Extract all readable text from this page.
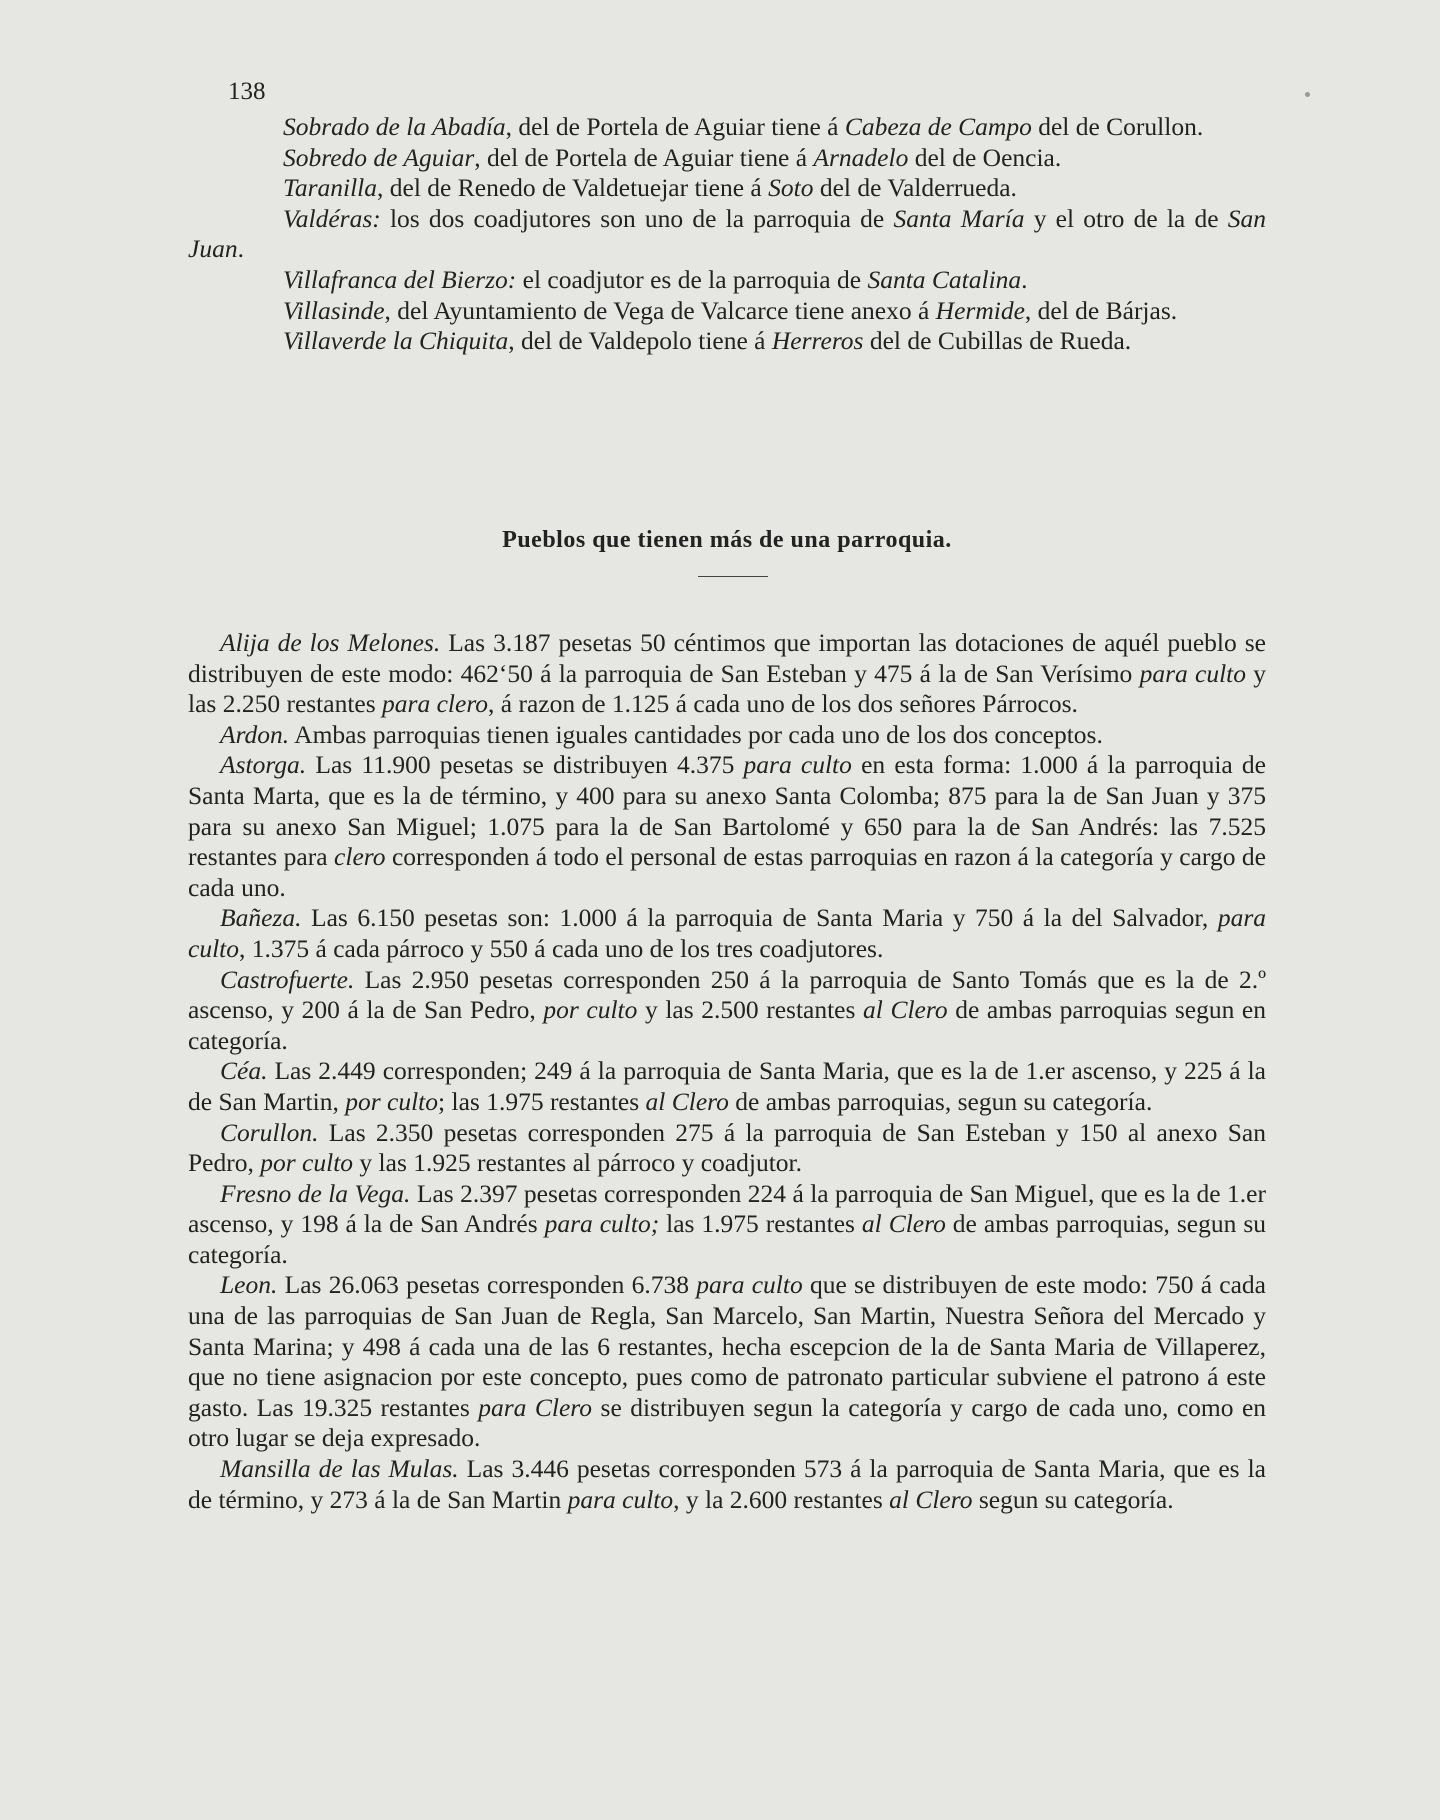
138

Sobrado de la Abadía, del de Portela de Aguiar tiene á Cabeza de Campo del de Corullon.

Sobredo de Aguiar, del de Portela de Aguiar tiene á Arnadelo del de Oencia.

Taranilla, del de Renedo de Valdetuejar tiene á Soto del de Valderrueda.

Valdéras: los dos coadjutores son uno de la parroquia de Santa María y el otro de la de San Juan.

Villafranca del Bierzo: el coadjutor es de la parroquia de Santa Catalina.

Villasinde, del Ayuntamiento de Vega de Valcarce tiene anexo á Hermide, del de Bárjas.

Villaverde la Chiquita, del de Valdepolo tiene á Herreros del de Cubillas de Rueda.

Pueblos que tienen más de una parroquia.

Alija de los Melones. Las 3.187 pesetas 50 céntimos que importan las dotaciones de aquél pueblo se distribuyen de este modo: 462‘50 á la parroquia de San Esteban y 475 á la de San Verísimo para culto y las 2.250 restantes para clero, á razon de 1.125 á cada uno de los dos señores Párrocos.

Ardon. Ambas parroquias tienen iguales cantidades por cada uno de los dos conceptos.

Astorga. Las 11.900 pesetas se distribuyen 4.375 para culto en esta forma: 1.000 á la parroquia de Santa Marta, que es la de término, y 400 para su anexo Santa Colomba; 875 para la de San Juan y 375 para su anexo San Miguel; 1.075 para la de San Bartolomé y 650 para la de San Andrés: las 7.525 restantes para clero corresponden á todo el personal de estas parroquias en razon á la categoría y cargo de cada uno.

Bañeza. Las 6.150 pesetas son: 1.000 á la parroquia de Santa Maria y 750 á la del Salvador, para culto, 1.375 á cada párroco y 550 á cada uno de los tres coadjutores.

Castrofuerte. Las 2.950 pesetas corresponden 250 á la parroquia de Santo Tomás que es la de 2.º ascenso, y 200 á la de San Pedro, por culto y las 2.500 restantes al Clero de ambas parroquias segun en categoría.

Céa. Las 2.449 corresponden; 249 á la parroquia de Santa Maria, que es la de 1.er ascenso, y 225 á la de San Martin, por culto; las 1.975 restantes al Clero de ambas parroquias, segun su categoría.

Corullon. Las 2.350 pesetas corresponden 275 á la parroquia de San Esteban y 150 al anexo San Pedro, por culto y las 1.925 restantes al párroco y coadjutor.

Fresno de la Vega. Las 2.397 pesetas corresponden 224 á la parroquia de San Miguel, que es la de 1.er ascenso, y 198 á la de San Andrés para culto; las 1.975 restantes al Clero de ambas parroquias, segun su categoría.

Leon. Las 26.063 pesetas corresponden 6.738 para culto que se distribuyen de este modo: 750 á cada una de las parroquias de San Juan de Regla, San Marcelo, San Martin, Nuestra Señora del Mercado y Santa Marina; y 498 á cada una de las 6 restantes, hecha escepcion de la de Santa Maria de Villaperez, que no tiene asignacion por este concepto, pues como de patronato particular subviene el patrono á este gasto. Las 19.325 restantes para Clero se distribuyen segun la categoría y cargo de cada uno, como en otro lugar se deja expresado.

Mansilla de las Mulas. Las 3.446 pesetas corresponden 573 á la parroquia de Santa Maria, que es la de término, y 273 á la de San Martin para culto, y la 2.600 restantes al Clero segun su categoría.
